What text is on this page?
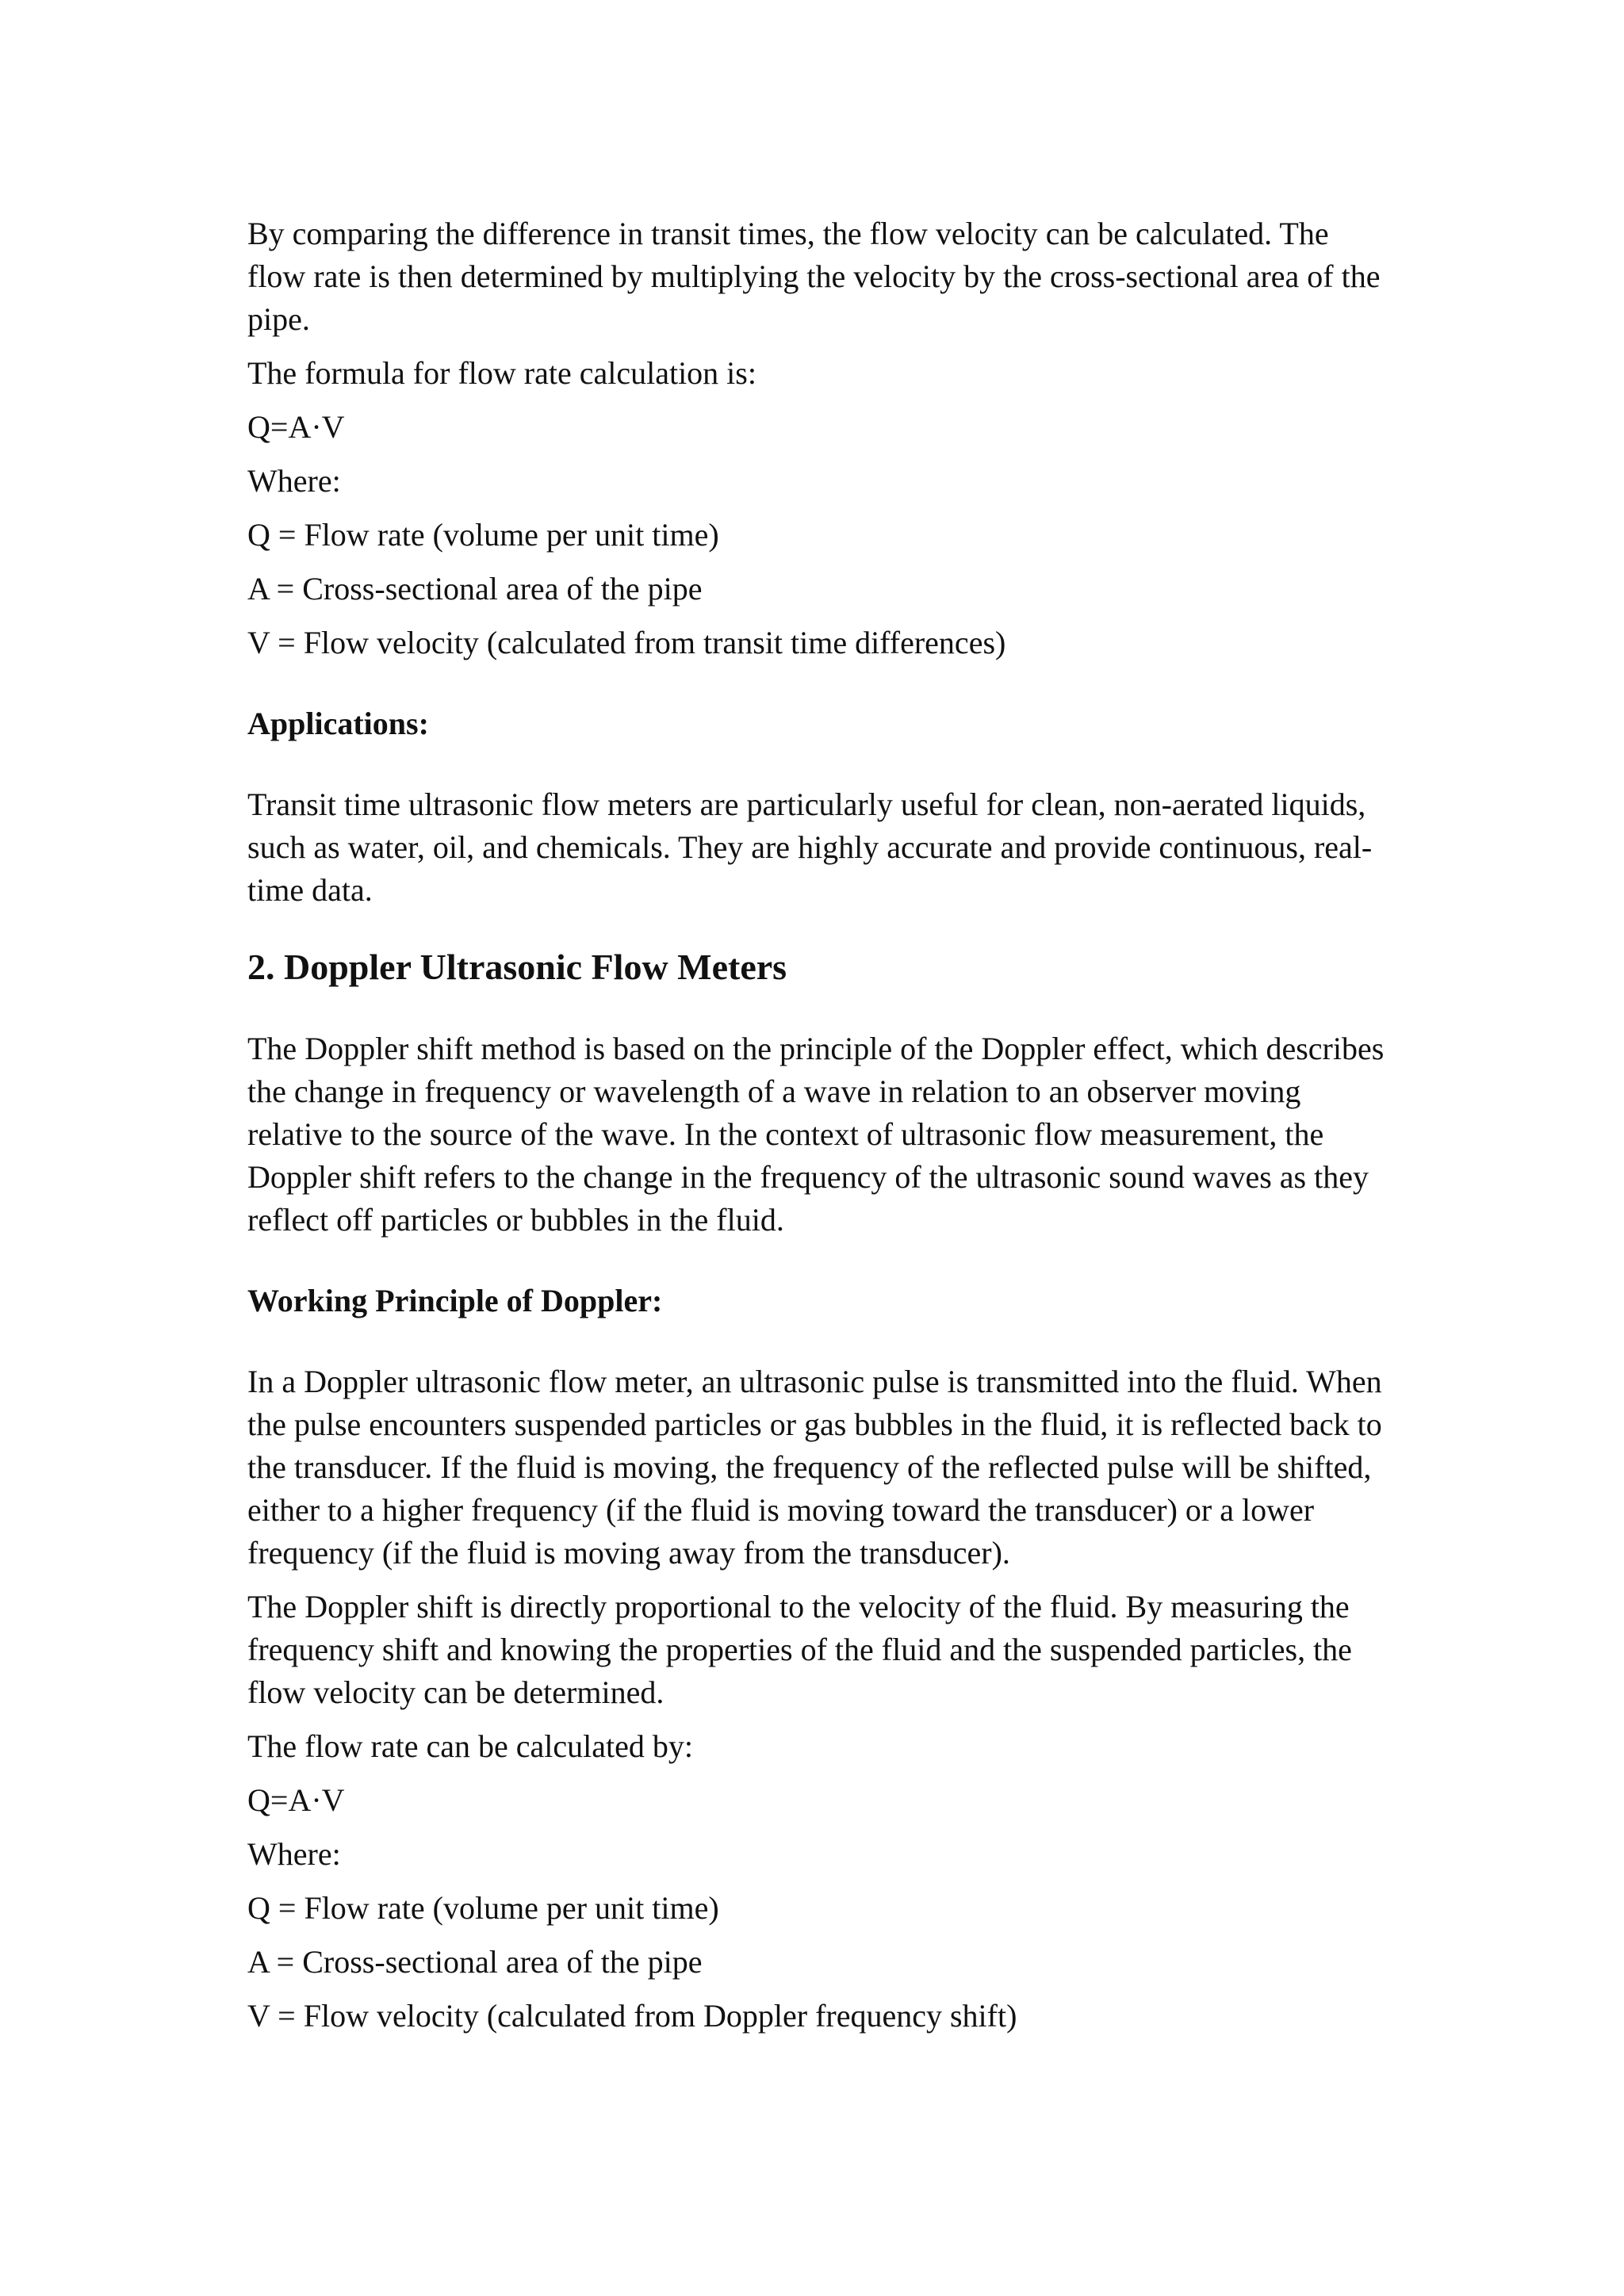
By comparing the difference in transit times, the flow velocity can be calculated. The flow rate is then determined by multiplying the velocity by the cross-sectional area of the pipe.

The formula for flow rate calculation is:

Q=A·V

Where:

Q = Flow rate (volume per unit time)

A = Cross-sectional area of the pipe

V = Flow velocity (calculated from transit time differences)

Applications:

Transit time ultrasonic flow meters are particularly useful for clean, non-aerated liquids, such as water, oil, and chemicals. They are highly accurate and provide continuous, real-time data.

2. Doppler Ultrasonic Flow Meters

The Doppler shift method is based on the principle of the Doppler effect, which describes the change in frequency or wavelength of a wave in relation to an observer moving relative to the source of the wave. In the context of ultrasonic flow measurement, the Doppler shift refers to the change in the frequency of the ultrasonic sound waves as they reflect off particles or bubbles in the fluid.

Working Principle of Doppler:

In a Doppler ultrasonic flow meter, an ultrasonic pulse is transmitted into the fluid. When the pulse encounters suspended particles or gas bubbles in the fluid, it is reflected back to the transducer. If the fluid is moving, the frequency of the reflected pulse will be shifted, either to a higher frequency (if the fluid is moving toward the transducer) or a lower frequency (if the fluid is moving away from the transducer).

The Doppler shift is directly proportional to the velocity of the fluid. By measuring the frequency shift and knowing the properties of the fluid and the suspended particles, the flow velocity can be determined.

The flow rate can be calculated by:

Q=A·V

Where:

Q = Flow rate (volume per unit time)

A = Cross-sectional area of the pipe

V = Flow velocity (calculated from Doppler frequency shift)
